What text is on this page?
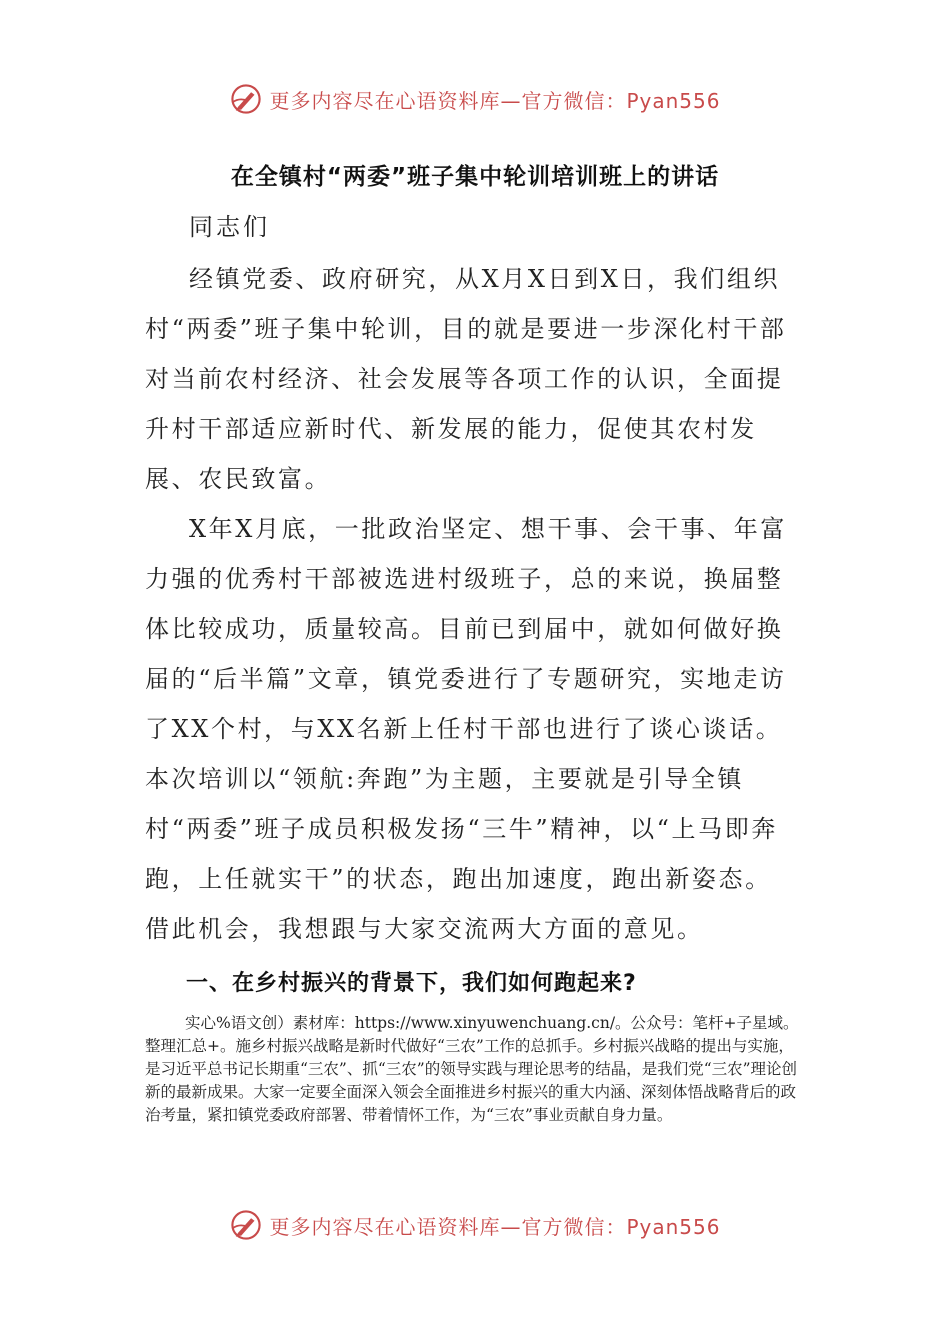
更多内容尽在心语资料库—官方微信：Pyan556
在全镇村“两委”班子集中轮训培训班上的讲话
同志们

经镇党委、政府研究，从X月X日到X日，我们组织村“两委”班子集中轮训，目的就是要进一步深化村干部对当前农村经济、社会发展等各项工作的认识，全面提升村干部适应新时代、新发展的能力，促使其农村发展、农民致富。

X年X月底，一批政治坚定、想干事、会干事、年富力强的优秀村干部被选进村级班子，总的来说，换届整体比较成功，质量较高。目前已到届中，就如何做好换届的“后半篇”文章，镇党委进行了专题研究，实地走访了XX个村，与XX名新上任村干部也进行了谈心谈话。本次培训以“领航:奔跑”为主题，主要就是引导全镇村“两委”班子成员积极发扬“三牛”精神，以“上马即奔跑，上任就实干”的状态，跑出加速度，跑出新姿态。借此机会，我想跟与大家交流两大方面的意见。

一、在乡村振兴的背景下，我们如何跑起来?

实心%语文创）素材库：https://www.xinyuwenchuang.cn/。公众号：笔杆+子星域。整理汇总+。施乡村振兴战略是新时代做好“三农”工作的总抓手。乡村振兴战略的提出与实施，是习近平总书记长期重“三农”、抓“三农”的领导实践与理论思考的结晶，是我们党“三农”理论创新的最新成果。大家一定要全面深入领会全面推进乡村振兴的重大内涵、深刻体悟战略背后的政治考量，紧扣镇党委政府部署、带着情怀工作，为“三农”事业贡献自身力量。

更多内容尽在心语资料库—官方微信：Pyan556
